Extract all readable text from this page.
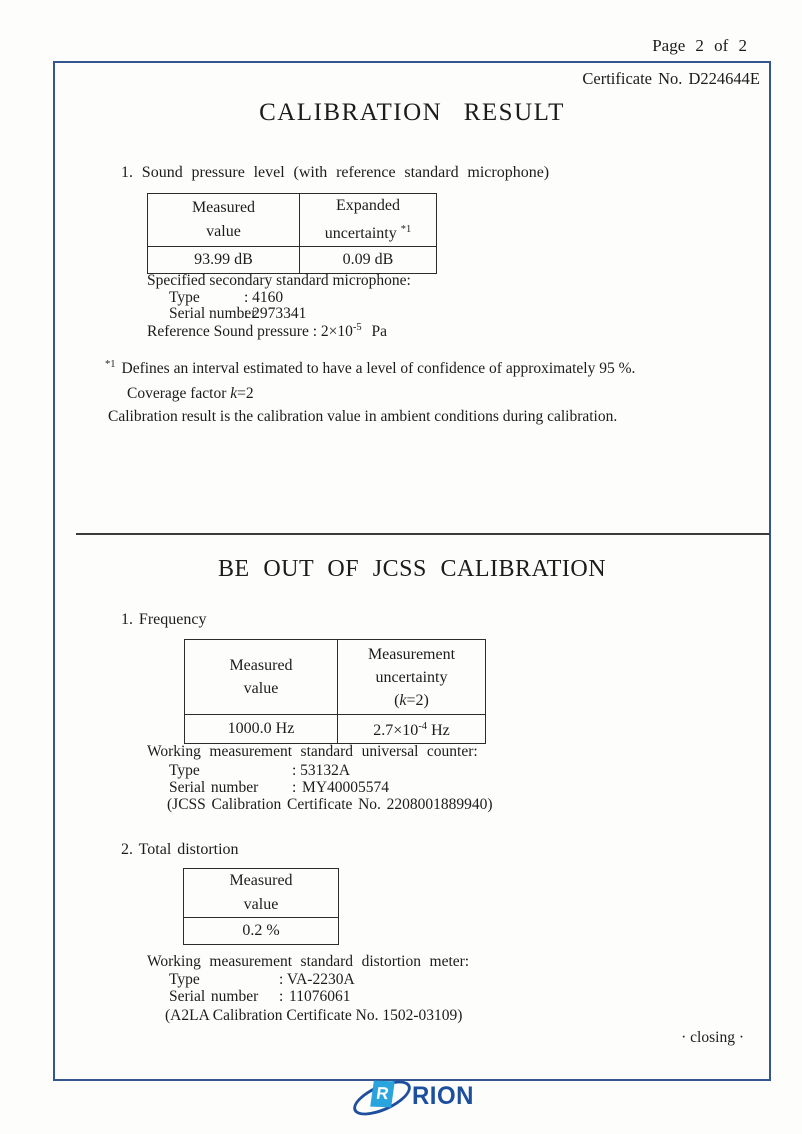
Page 2 of 2
Certificate No. D224644E
CALIBRATION RESULT
1. Sound pressure level (with reference standard microphone)
Measured
value	Expanded
uncertainty $^{*1}$
93.99 dB	0.09 dB
Specified secondary standard microphone:
Type	: 4160
Serial number: 2973341
Reference Sound pressure : $2\times 10^{-5}$ Pa
$^{*1}$ Defines an interval estimated to have a level of confidence of approximately 95 %.
Coverage factor k=2
Calibration result is the calibration value in ambient conditions during calibration.
BE OUT OF JCSS CALIBRATION
1. Frequency
Measured
value	Measurement
uncertainty
(k=2)
1000.0 Hz	$2.7\times 10^{-4}$ Hz
Working measurement standard universal counter:
Type	: 53132A
Serial number : MY40005574
(JCSS Calibration Certificate No. 2208001889940)
2. Total distortion
Measured
value
0.2 %
Working measurement standard distortion meter:
Type	: VA-2230A
Serial number : 11076061
(A2LA Calibration Certificate No. 1502-03109)
· closing ·
R RION
